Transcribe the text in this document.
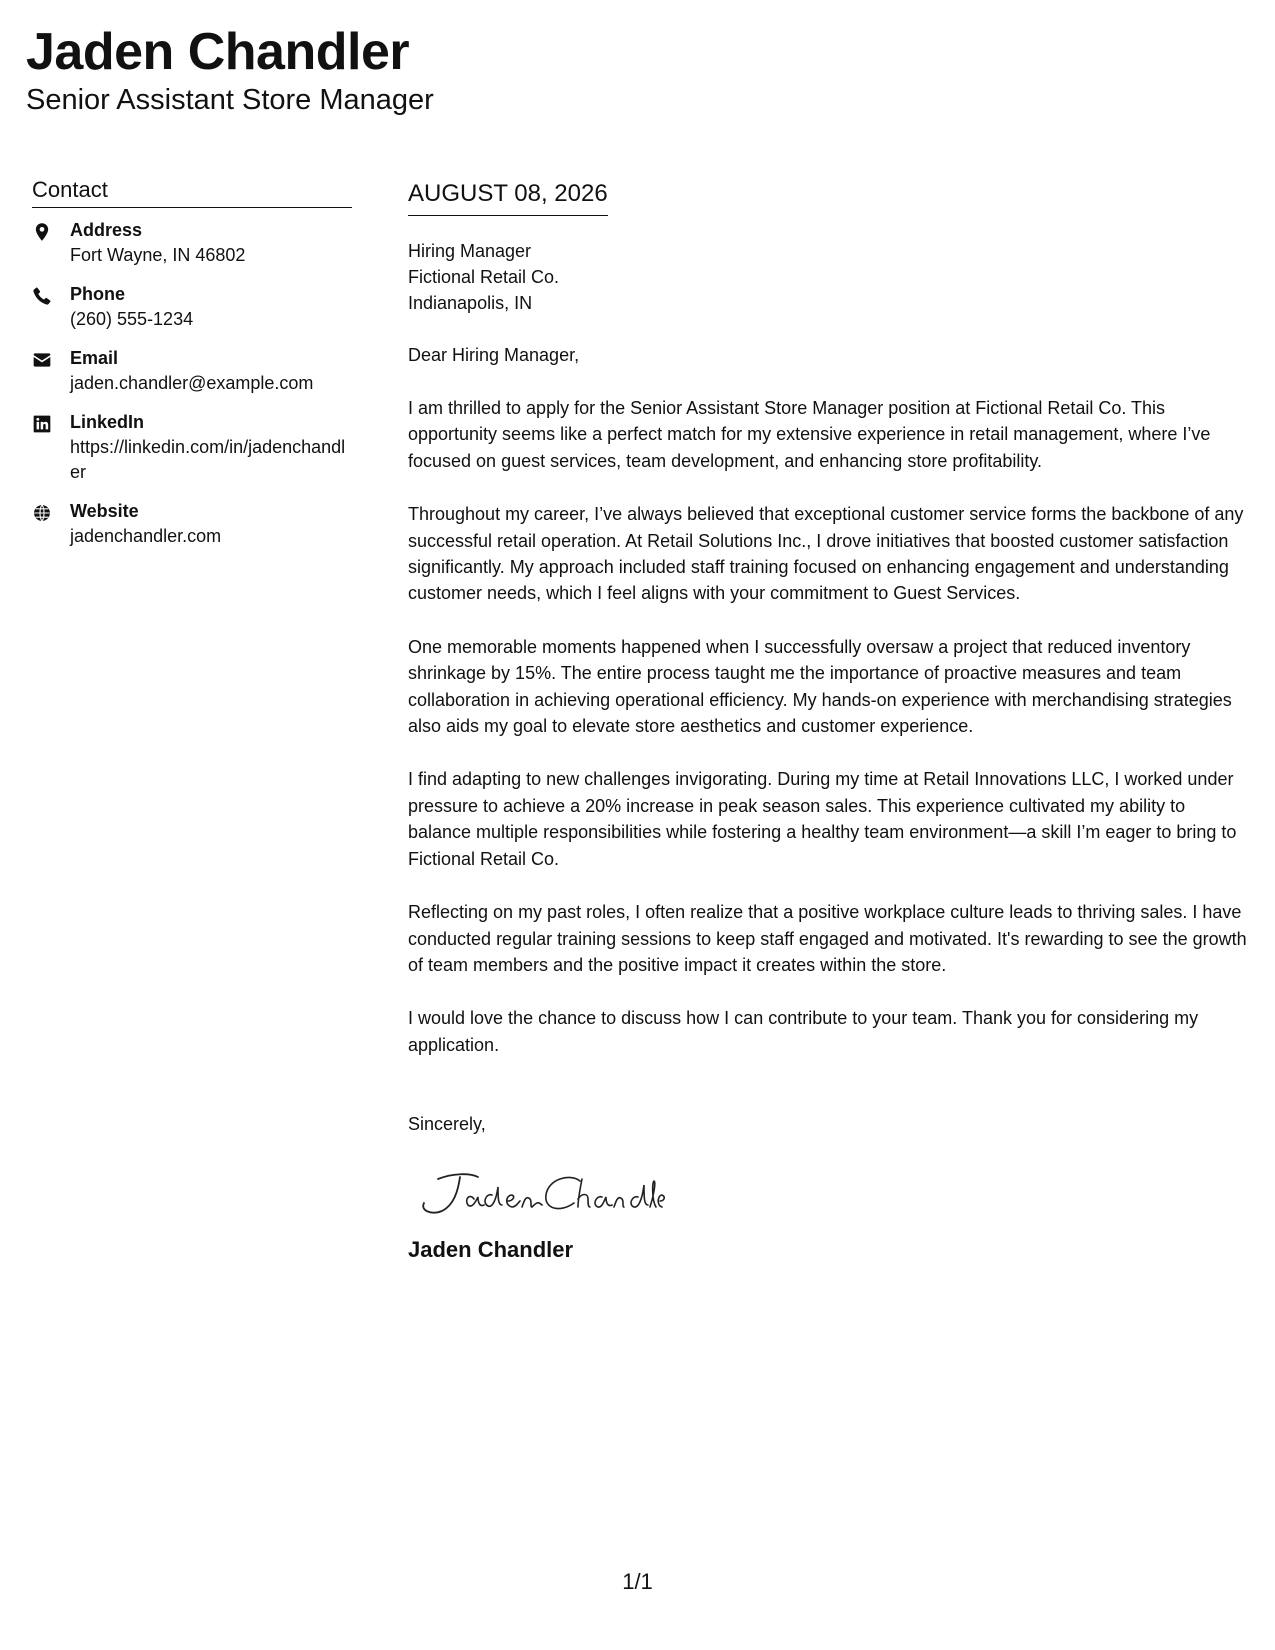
Jaden Chandler
Senior Assistant Store Manager
Contact
Address
Fort Wayne, IN 46802
Phone
(260) 555-1234
Email
jaden.chandler@example.com
LinkedIn
https://linkedin.com/in/jadenchandler
Website
jadenchandler.com
AUGUST 08, 2026
Hiring Manager
Fictional Retail Co.
Indianapolis, IN
Dear Hiring Manager,

I am thrilled to apply for the Senior Assistant Store Manager position at Fictional Retail Co. This opportunity seems like a perfect match for my extensive experience in retail management, where I’ve focused on guest services, team development, and enhancing store profitability.

Throughout my career, I’ve always believed that exceptional customer service forms the backbone of any successful retail operation. At Retail Solutions Inc., I drove initiatives that boosted customer satisfaction significantly. My approach included staff training focused on enhancing engagement and understanding customer needs, which I feel aligns with your commitment to Guest Services.

One memorable moments happened when I successfully oversaw a project that reduced inventory shrinkage by 15%. The entire process taught me the importance of proactive measures and team collaboration in achieving operational efficiency. My hands-on experience with merchandising strategies also aids my goal to elevate store aesthetics and customer experience.

I find adapting to new challenges invigorating. During my time at Retail Innovations LLC, I worked under pressure to achieve a 20% increase in peak season sales. This experience cultivated my ability to balance multiple responsibilities while fostering a healthy team environment—a skill I’m eager to bring to Fictional Retail Co.

Reflecting on my past roles, I often realize that a positive workplace culture leads to thriving sales. I have conducted regular training sessions to keep staff engaged and motivated. It's rewarding to see the growth of team members and the positive impact it creates within the store.

I would love the chance to discuss how I can contribute to your team. Thank you for considering my application.

Sincerely,
Jaden Chandler
1/1
